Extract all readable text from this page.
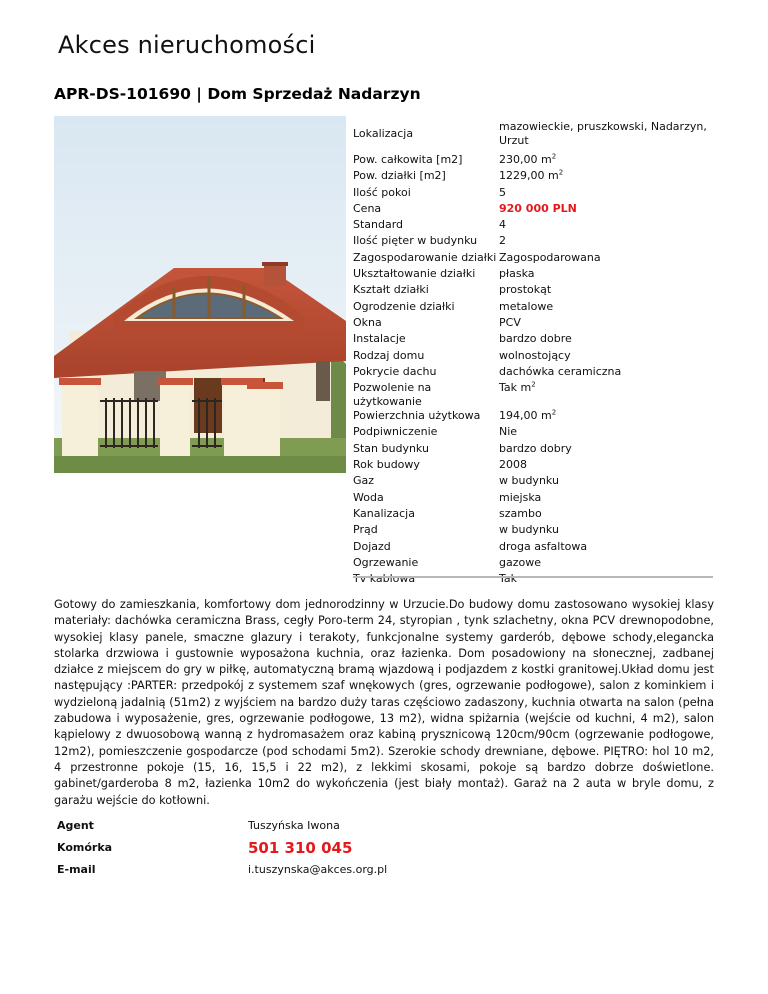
Akces nieruchomości
APR-DS-101690 | Dom Sprzedaż Nadarzyn
Lokalizacja	mazowieckie, pruszkowski, Nadarzyn, Urzut
Pow. całkowita [m2]	230,00 $m^2$
Pow. działki [m2]	1229,00 $m^2$
Ilość pokoi	5
Cena	920 000 PLN
Standard	4
Ilość pięter w budynku	2
Zagospodarowanie działki	Zagospodarowana
Ukształtowanie działki	płaska
Kształt działki	prostokąt
Ogrodzenie działki	metalowe
Okna	PCV
Instalacje	bardzo dobre
Rodzaj domu	wolnostojący
Pokrycie dachu	dachówka ceramiczna
Pozwolenie na użytkowanie	Tak $m^2$
Powierzchnia użytkowa	194,00 $m^2$
Podpiwniczenie	Nie
Stan budynku	bardzo dobry
Rok budowy	2008
Gaz	w budynku
Woda	miejska
Kanalizacja	szambo
Prąd	w budynku
Dojazd	droga asfaltowa
Ogrzewanie	gazowe
Tv kablowa	Tak
Gotowy do zamieszkania, komfortowy dom jednorodzinny w Urzucie.Do budowy domu zastosowano wysokiej klasy materiały: dachówka ceramiczna Brass, cegły Poro-term 24, styropian , tynk szlachetny, okna PCV drewnopodobne, wysokiej klasy panele, smaczne glazury i terakoty, funkcjonalne systemy garderób, dębowe schody,elegancka stolarka drzwiowa i gustownie wyposażona kuchnia, oraz łazienka. Dom posadowiony na słonecznej, zadbanej działce z miejscem do gry w piłkę, automatyczną bramą wjazdową i podjazdem z kostki granitowej.Układ domu jest następujący :PARTER: przedpokój z systemem szaf wnękowych (gres, ogrzewanie podłogowe), salon z kominkiem i wydzieloną jadalnią (51m2) z wyjściem na bardzo duży taras częściowo zadaszony, kuchnia otwarta na salon (pełna zabudowa i wyposażenie, gres, ogrzewanie podłogowe, 13 m2), widna spiżarnia (wejście od kuchni, 4 m2), salon kąpielowy z dwuosobową wanną z hydromasażem oraz kabiną prysznicową 120cm/90cm (ogrzewanie podłogowe, 12m2), pomieszczenie gospodarcze (pod schodami 5m2). Szerokie schody drewniane, dębowe. PIĘTRO: hol 10 m2, 4 przestronne pokoje (15, 16, 15,5 i 22 m2), z lekkimi skosami, pokoje są bardzo dobrze doświetlone. gabinet/garderoba 8 m2, łazienka 10m2 do wykończenia (jest biały montaż). Garaż na 2 auta w bryle domu, z garażu wejście do kotłowni.
Agent	Tuszyńska Iwona
Komórka	501 310 045
E-mail	i.tuszynska@akces.org.pl
